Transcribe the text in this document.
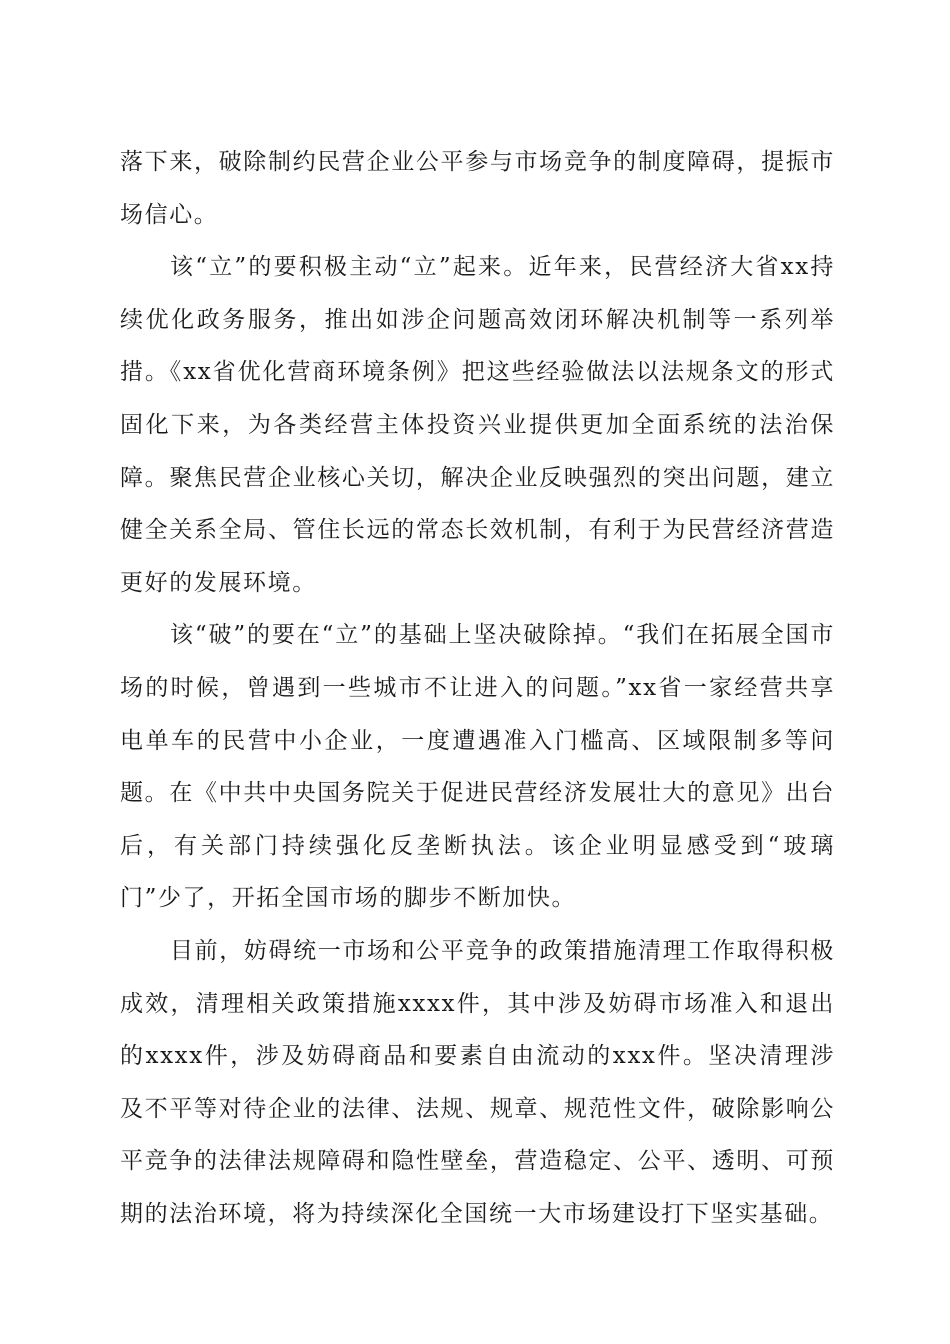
落下来，破除制约民营企业公平参与市场竞争的制度障碍，提振市场信心。

该“立”的要积极主动“立”起来。近年来，民营经济大省xx持续优化政务服务，推出如涉企问题高效闭环解决机制等一系列举措。《xx省优化营商环境条例》把这些经验做法以法规条文的形式固化下来，为各类经营主体投资兴业提供更加全面系统的法治保障。聚焦民营企业核心关切，解决企业反映强烈的突出问题，建立健全关系全局、管住长远的常态长效机制，有利于为民营经济营造更好的发展环境。

该“破”的要在“立”的基础上坚决破除掉。“我们在拓展全国市场的时候，曾遇到一些城市不让进入的问题。”xx省一家经营共享电单车的民营中小企业，一度遭遇准入门槛高、区域限制多等问题。在《中共中央国务院关于促进民营经济发展壮大的意见》出台后，有关部门持续强化反垄断执法。该企业明显感受到“玻璃门”少了，开拓全国市场的脚步不断加快。

目前，妨碍统一市场和公平竞争的政策措施清理工作取得积极成效，清理相关政策措施xxxx件，其中涉及妨碍市场准入和退出的xxxx件，涉及妨碍商品和要素自由流动的xxx件。坚决清理涉及不平等对待企业的法律、法规、规章、规范性文件，破除影响公平竞争的法律法规障碍和隐性壁垒，营造稳定、公平、透明、可预期的法治环境，将为持续深化全国统一大市场建设打下坚实基础。
